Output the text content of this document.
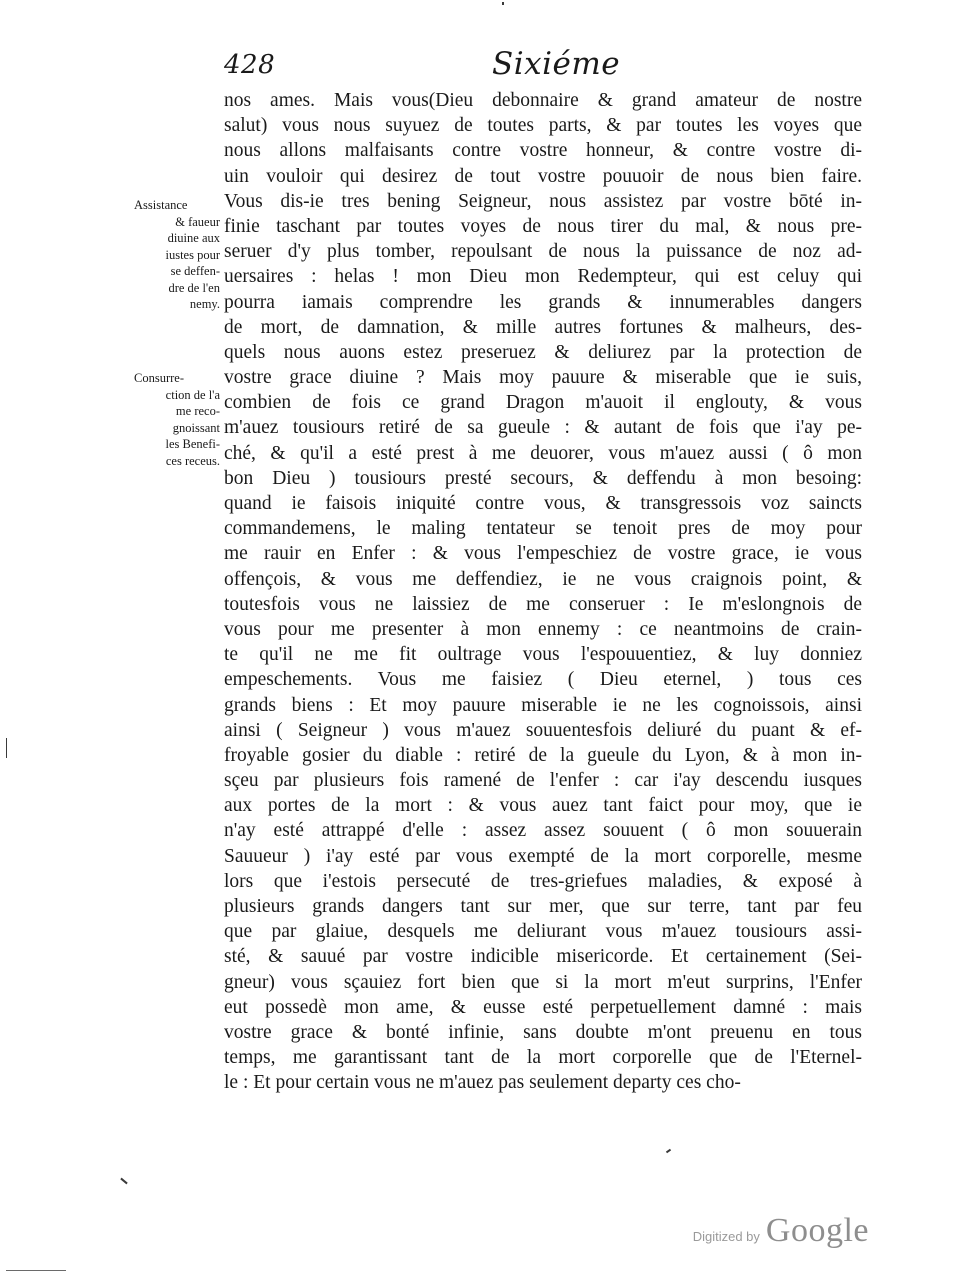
428	Sixiéme
Assistance
& faueur
diuine aux
iustes pour
se deffen-
dre de l'en
nemy.
Consurre-
ction de l'a
me reco-
gnoissant
les Benefi-
ces receus.
nos ames. Mais vous(Dieu debonnaire & grand amateur de nostre
salut) vous nous suyuez de toutes parts, & par toutes les voyes que
nous allons malfaisants contre vostre honneur, & contre vostre di-
uin vouloir qui desirez de tout vostre pouuoir de nous bien faire.
Vous dis-ie tres bening Seigneur, nous assistez par vostre bōté in-
finie taschant par toutes voyes de nous tirer du mal, & nous pre-
seruer d'y plus tomber, repoulsant de nous la puissance de noz ad-
uersaires : helas ! mon Dieu mon Redempteur, qui est celuy qui
pourra iamais comprendre les grands & innumerables dangers
de mort, de damnation, & mille autres fortunes & malheurs, des-
quels nous auons estez preseruez & deliurez par la protection de
vostre grace diuine ? Mais moy pauure & miserable que ie suis,
combien de fois ce grand Dragon m'auoit il englouty, & vous
m'auez tousiours retiré de sa gueule : & autant de fois que i'ay pe-
ché, & qu'il a esté prest à me deuorer, vous m'auez aussi ( ô mon
bon Dieu ) tousiours presté secours, & deffendu à mon besoing:
quand ie faisois iniquité contre vous, & transgressois voz saincts
commandemens, le maling tentateur se tenoit pres de moy pour
me rauir en Enfer : & vous l'empeschiez de vostre grace, ie vous
offençois, & vous me deffendiez, ie ne vous craignois point, &
toutesfois vous ne laissiez de me conseruer : Ie m'eslongnois de
vous pour me presenter à mon ennemy : ce neantmoins de crain-
te qu'il ne me fit oultrage vous l'espouuentiez, & luy donniez
empeschements. Vous me faisiez ( Dieu eternel, ) tous ces
grands biens : Et moy pauure miserable ie ne les cognoissois, ainsi
ainsi ( Seigneur ) vous m'auez souuentesfois deliuré du puant & ef-
froyable gosier du diable : retiré de la gueule du Lyon, & à mon in-
sçeu par plusieurs fois ramené de l'enfer : car i'ay descendu iusques
aux portes de la mort : & vous auez tant faict pour moy, que ie
n'ay esté attrappé d'elle : assez assez souuent ( ô mon souuerain
Sauueur ) i'ay esté par vous exempté de la mort corporelle, mesme
lors que i'estois persecuté de tres-griefues maladies, & exposé à
plusieurs grands dangers tant sur mer, que sur terre, tant par feu
que par glaiue, desquels me deliurant vous m'auez tousiours assi-
sté, & sauué par vostre indicible misericorde. Et certainement (Sei-
gneur) vous sçauiez fort bien que si la mort m'eut surprins, l'Enfer
eut possedè mon ame, & eusse esté perpetuellement damné : mais
vostre grace & bonté infinie, sans doubte m'ont preuenu en tous
temps, me garantissant tant de la mort corporelle que de l'Eternel-
le : Et pour certain vous ne m'auez pas seulement departy ces cho-
Digitized by Google
